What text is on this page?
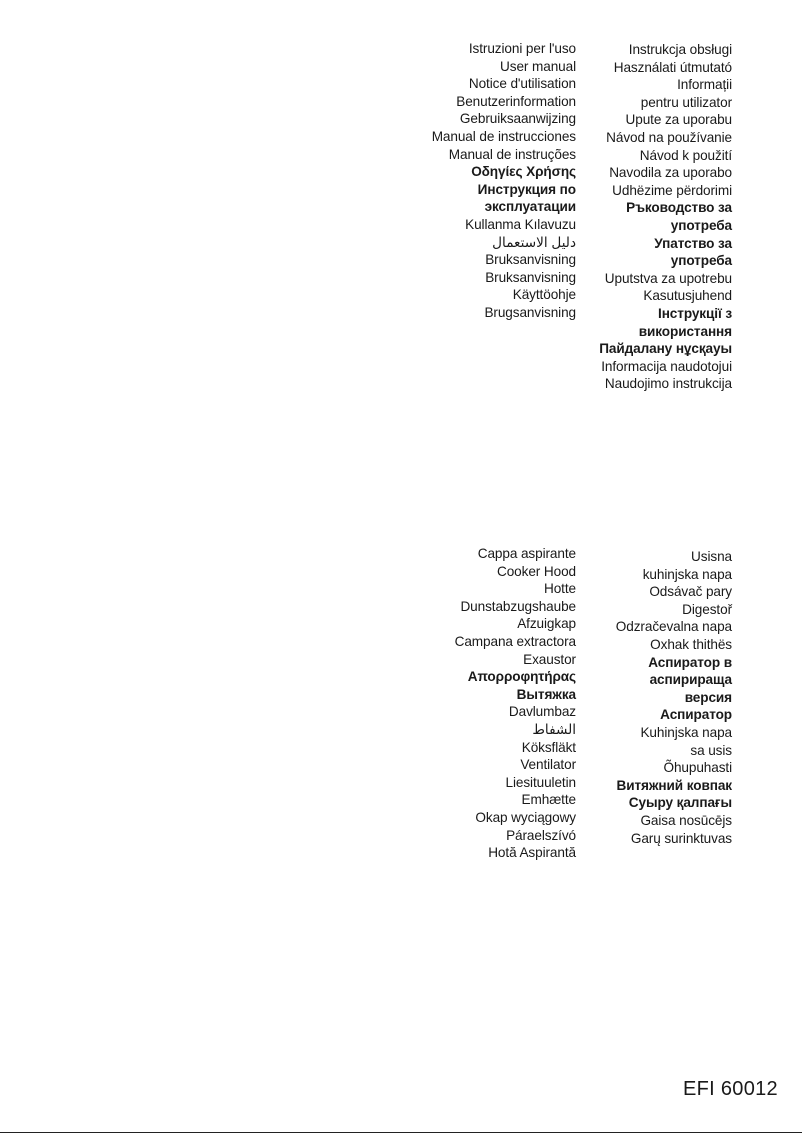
Istruzioni per l'uso
User manual
Notice d'utilisation
Benutzerinformation
Gebruiksaanwijzing
Manual de instrucciones
Manual de instruções
Οδηγίες Χρήσης
Инструкция по
эксплуатации
Kullanma Kılavuzu
دليل الاستعمال
Bruksanvisning
Bruksanvisning
Käyttöohje
Brugsanvisning
Instrukcja obsługi
Használati útmutató
Informații
pentru utilizator
Upute za uporabu
Návod na používanie
Návod k použití
Navodila za uporabo
Udhëzime përdorimi
Ръководство за
употреба
Упатство за
употреба
Uputstva za upotrebu
Kasutusjuhend
Інструкції з
використання
Пайдалану нұсқауы
Informacija naudotojui
Naudojimo instrukcija
Cappa aspirante
Cooker Hood
Hotte
Dunstabzugshaube
Afzuigkap
Campana extractora
Exaustor
Απορροφητήρας
Вытяжка
Davlumbaz
الشفاط
Köksfläkt
Ventilator
Liesituuletin
Emhætte
Okap wyciągowy
Páraelszívó
Hotă Aspirantă
Usisna
kuhinjska napa
Odsávač pary
Digestoř
Odzračevalna napa
Oxhak thithës
Аспиратор в
аспирираща
версия
Аспиратор
Kuhinjska napa
sa usis
Õhupuhasti
Витяжний ковпак
Суыру қалпағы
Gaisa nosūcējs
Garų surinktuvas
EFI 60012
